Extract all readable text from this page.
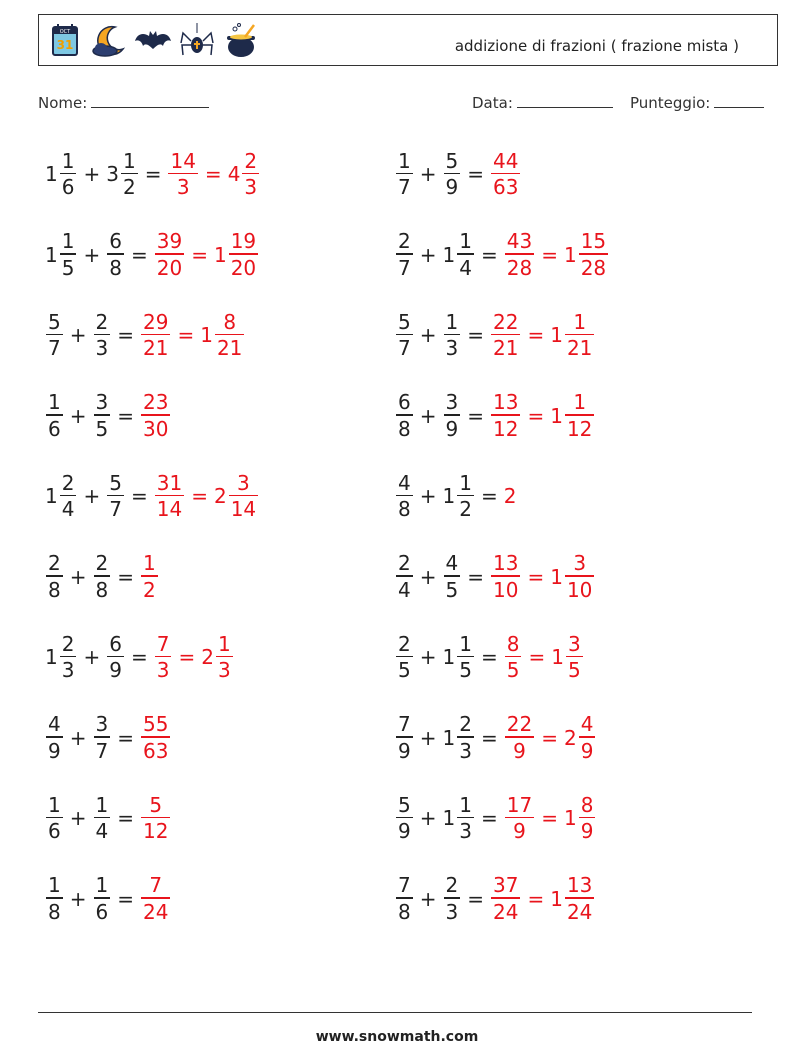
OCT
31	addizione di frazioni ( frazione mista )
Nome:	Data:	Punteggio:
$1 \frac{1}{6} + 3 \frac{1}{2} = \frac{14}{3} = 4 \frac{2}{3}$	$\frac{1}{7} + \frac{5}{9} = \frac{44}{63}$
$1 \frac{1}{5} + \frac{6}{8} = \frac{39}{20} = 1 \frac{19}{20}$	$\frac{2}{7} + 1 \frac{1}{4} = \frac{43}{28} = 1 \frac{15}{28}$
$\frac{5}{7} + \frac{2}{3} = \frac{29}{21} = 1 \frac{8}{21}$	$\frac{5}{7} + \frac{1}{3} = \frac{22}{21} = 1 \frac{1}{21}$
$\frac{1}{6} + \frac{3}{5} = \frac{23}{30}$	$\frac{6}{8} + \frac{3}{9} = \frac{13}{12} = 1 \frac{1}{12}$
$1 \frac{2}{4} + \frac{5}{7} = \frac{31}{14} = 2 \frac{3}{14}$	$\frac{4}{8} + 1 \frac{1}{2} = 2$
$\frac{2}{8} + \frac{2}{8} = \frac{1}{2}$	$\frac{2}{4} + \frac{4}{5} = \frac{13}{10} = 1 \frac{3}{10}$
$1 \frac{2}{3} + \frac{6}{9} = \frac{7}{3} = 2 \frac{1}{3}$	$\frac{2}{5} + 1 \frac{1}{5} = \frac{8}{5} = 1 \frac{3}{5}$
$\frac{4}{9} + \frac{3}{7} = \frac{55}{63}$	$\frac{7}{9} + 1 \frac{2}{3} = \frac{22}{9} = 2 \frac{4}{9}$
$\frac{1}{6} + \frac{1}{4} = \frac{5}{12}$	$\frac{5}{9} + 1 \frac{1}{3} = \frac{17}{9} = 1 \frac{8}{9}$
$\frac{1}{8} + \frac{1}{6} = \frac{7}{24}$	$\frac{7}{8} + \frac{2}{3} = \frac{37}{24} = 1 \frac{13}{24}$
www.snowmath.com
